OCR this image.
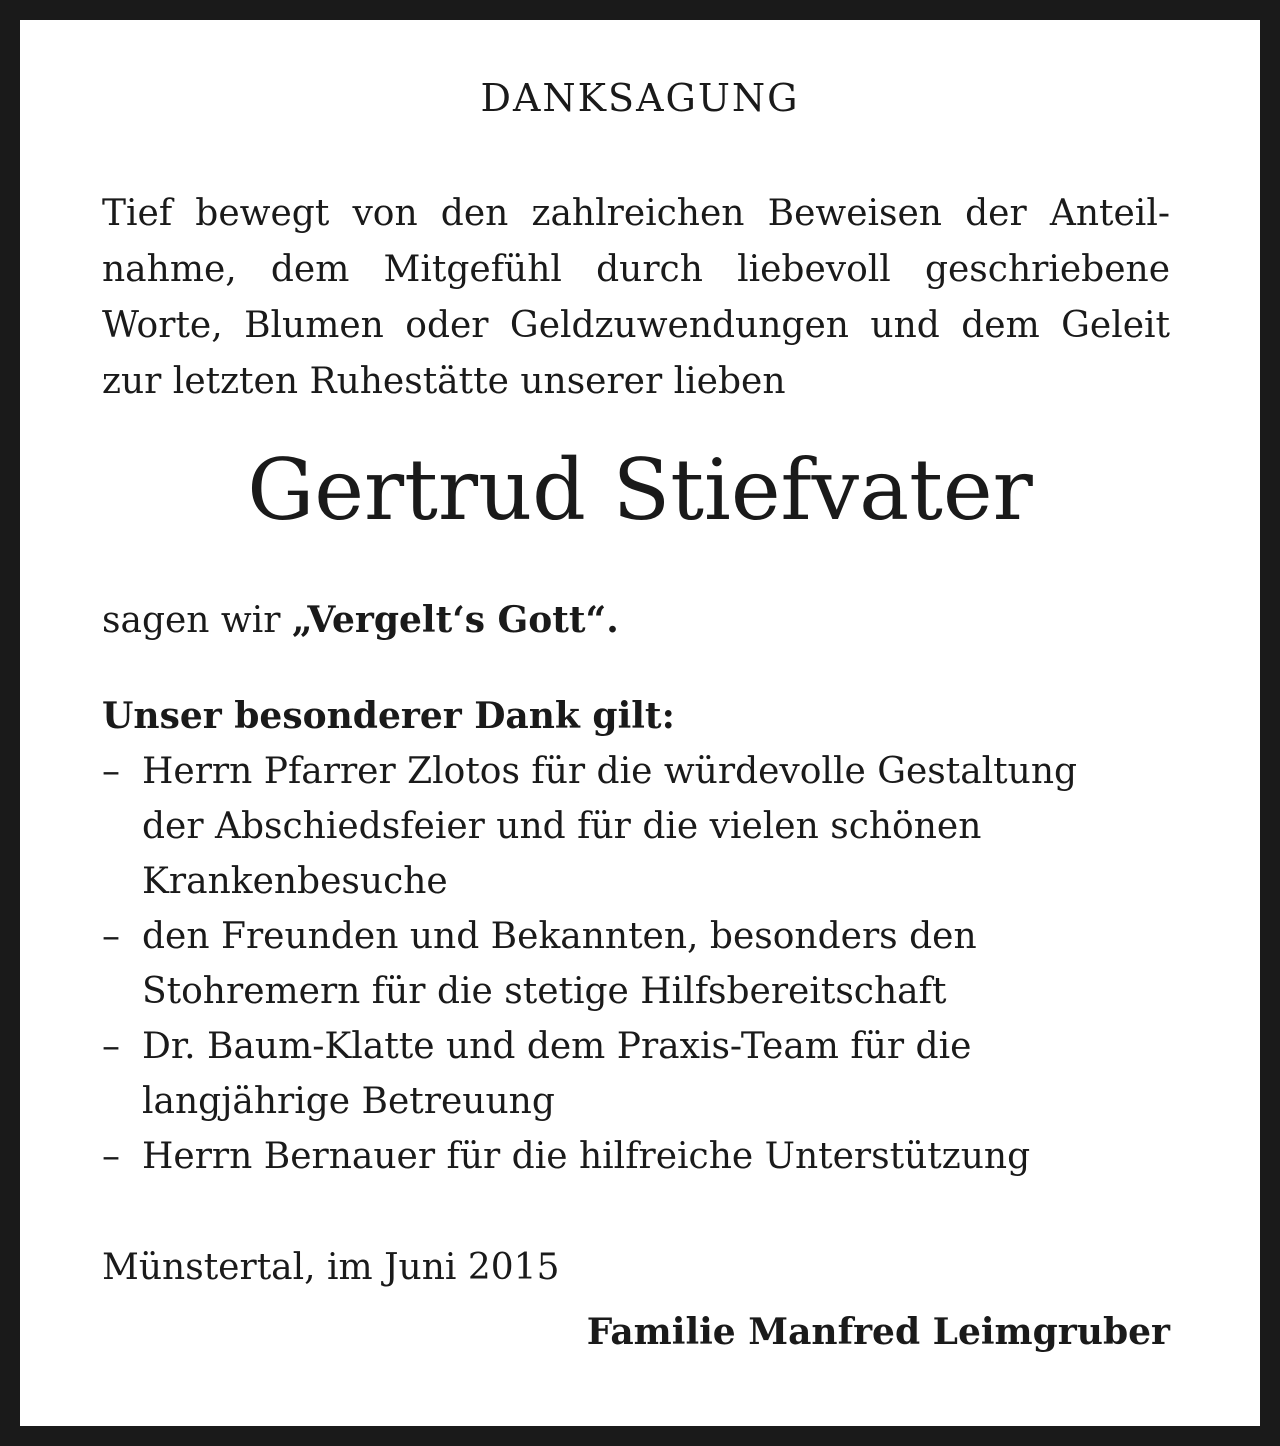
DANKSAGUNG
Tief bewegt von den zahlreichen Beweisen der Anteil-
nahme, dem Mitgefühl durch liebevoll geschriebene
Worte, Blumen oder Geldzuwendungen und dem Geleit
zur letzten Ruhestätte unserer lieben
Gertrud Stiefvater
sagen wir „Vergelt‘s Gott“.
Unser besonderer Dank gilt:
– Herrn Pfarrer Zlotos für die würdevolle Gestaltung
der Abschiedsfeier und für die vielen schönen
Krankenbesuche
– den Freunden und Bekannten, besonders den
Stohremern für die stetige Hilfsbereitschaft
– Dr. Baum-Klatte und dem Praxis-Team für die
langjährige Betreuung
– Herrn Bernauer für die hilfreiche Unterstützung
Münstertal, im Juni 2015
Familie Manfred Leimgruber
